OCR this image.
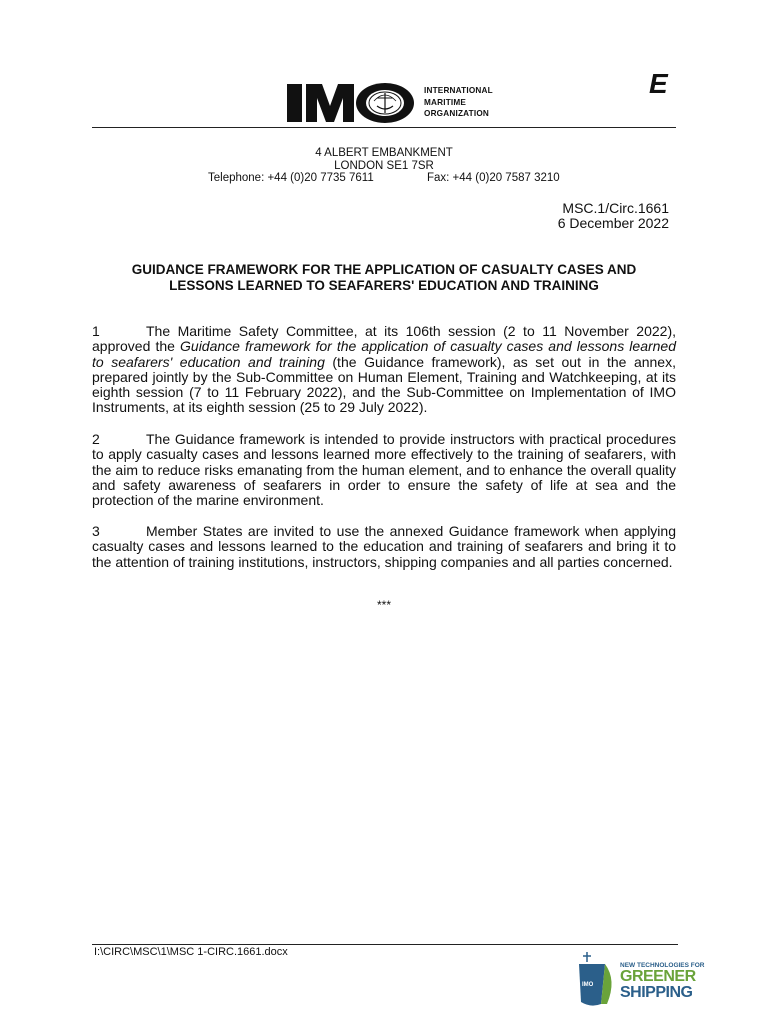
INTERNATIONAL
MARITIME
ORGANIZATION
E
4 ALBERT EMBANKMENT
LONDON SE1 7SR
Telephone: +44 (0)20 7735 7611	Fax: +44 (0)20 7587 3210
MSC.1/Circ.1661
6 December 2022
GUIDANCE FRAMEWORK FOR THE APPLICATION OF CASUALTY CASES AND
LESSONS LEARNED TO SEAFARERS' EDUCATION AND TRAINING
1	The Maritime Safety Committee, at its 106th session (2 to 11 November 2022), approved the Guidance framework for the application of casualty cases and lessons learned to seafarers' education and training (the Guidance framework), as set out in the annex, prepared jointly by the Sub-Committee on Human Element, Training and Watchkeeping, at its eighth session (7 to 11 February 2022), and the Sub-Committee on Implementation of IMO Instruments, at its eighth session (25 to 29 July 2022).
2	The Guidance framework is intended to provide instructors with practical procedures to apply casualty cases and lessons learned more effectively to the training of seafarers, with the aim to reduce risks emanating from the human element, and to enhance the overall quality and safety awareness of seafarers in order to ensure the safety of life at sea and the protection of the marine environment.
3	Member States are invited to use the annexed Guidance framework when applying casualty cases and lessons learned to the education and training of seafarers and bring it to the attention of training institutions, instructors, shipping companies and all parties concerned.
***
I:\CIRC\MSC\1\MSC 1-CIRC.1661.docx
IMO
NEW TECHNOLOGIES FOR
GREENER
SHIPPING
